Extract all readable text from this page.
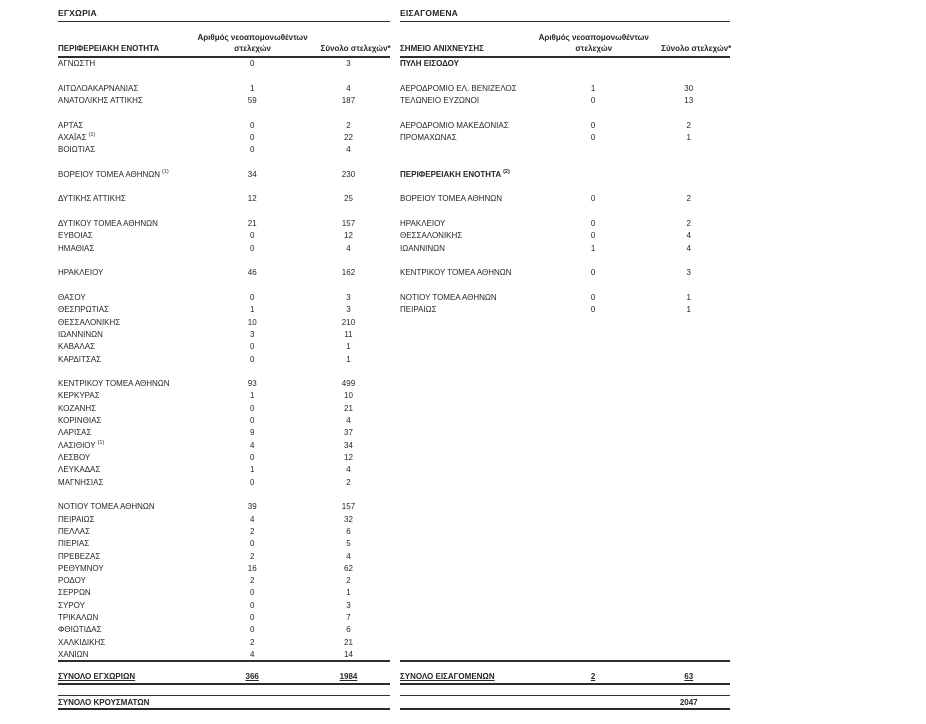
ΕΓΧΩΡΙΑ
ΠΕΡΙΦΕΡΕΙΑΚΗ ΕΝΟΤΗΤΑ
Αριθμός νεοαπομονωθέντων
στελεχών	Σύνολο στελεχών*
ΑΓΝΩΣΤΗ	0	3
ΑΙΤΩΛΟΑΚΑΡΝΑΝΙΑΣ	1	4
ΑΝΑΤΟΛΙΚΗΣ ΑΤΤΙΚΗΣ	59	187
ΑΡΤΑΣ	0	2
ΑΧΑΪΑΣ $^{(1)}$	0	22
ΒΟΙΩΤΙΑΣ	0	4
ΒΟΡΕΙΟΥ ΤΟΜΕΑ ΑΘΗΝΩΝ $^{(1)}$	34	230
ΔΥΤΙΚΗΣ ΑΤΤΙΚΗΣ	12	25
ΔΥΤΙΚΟΥ ΤΟΜΕΑ ΑΘΗΝΩΝ	21	157
ΕΥΒΟΙΑΣ	0	12
ΗΜΑΘΙΑΣ	0	4
ΗΡΑΚΛΕΙΟΥ	46	162
ΘΑΣΟΥ	0	3
ΘΕΣΠΡΩΤΙΑΣ	1	3
ΘΕΣΣΑΛΟΝΙΚΗΣ	10	210
ΙΩΑΝΝΙΝΩΝ	3	11
ΚΑΒΑΛΑΣ	0	1
ΚΑΡΔΙΤΣΑΣ	0	1
ΚΕΝΤΡΙΚΟΥ ΤΟΜΕΑ ΑΘΗΝΩΝ	93	499
ΚΕΡΚΥΡΑΣ	1	10
ΚΟΖΑΝΗΣ	0	21
ΚΟΡΙΝΘΙΑΣ	0	4
ΛΑΡΙΣΑΣ	9	37
ΛΑΣΙΘΙΟΥ $^{(1)}$	4	34
ΛΕΣΒΟΥ	0	12
ΛΕΥΚΑΔΑΣ	1	4
ΜΑΓΝΗΣΙΑΣ	0	2
ΝΟΤΙΟΥ ΤΟΜΕΑ ΑΘΗΝΩΝ	39	157
ΠΕΙΡΑΙΩΣ	4	32
ΠΕΛΛΑΣ	2	6
ΠΙΕΡΙΑΣ	0	5
ΠΡΕΒΕΖΑΣ	2	4
ΡΕΘΥΜΝΟΥ	16	62
ΡΟΔΟΥ	2	2
ΣΕΡΡΩΝ	0	1
ΣΥΡΟΥ	0	3
ΤΡΙΚΑΛΩΝ	0	7
ΦΘΙΩΤΙΔΑΣ	0	6
ΧΑΛΚΙΔΙΚΗΣ	2	21
ΧΑΝΙΩΝ	4	14
ΣΥΝΟΛΟ ΕΓΧΩΡΙΩΝ	366	1984
ΕΙΣΑΓΟΜΕΝΑ
ΣΗΜΕΙΟ ΑΝΙΧΝΕΥΣΗΣ
Αριθμός νεοαπομονωθέντων
στελεχών	Σύνολο στελεχών*
ΠΥΛΗ ΕΙΣΟΔΟΥ
ΑΕΡΟΔΡΟΜΙΟ ΕΛ. ΒΕΝΙΖΕΛΟΣ	1	30
ΤΕΛΩΝΕΙΟ ΕΥΖΩΝΟΙ	0	13
ΑΕΡΟΔΡΟΜΙΟ ΜΑΚΕΔΟΝΙΑΣ	0	2
ΠΡΟΜΑΧΩΝΑΣ	0	1
ΠΕΡΙΦΕΡΕΙΑΚΗ ΕΝΟΤΗΤΑ $^{(2)}$
ΒΟΡΕΙΟΥ ΤΟΜΕΑ ΑΘΗΝΩΝ	0	2
ΗΡΑΚΛΕΙΟΥ	0	2
ΘΕΣΣΑΛΟΝΙΚΗΣ	0	4
ΙΩΑΝΝΙΝΩΝ	1	4
ΚΕΝΤΡΙΚΟΥ ΤΟΜΕΑ ΑΘΗΝΩΝ	0	3
ΝΟΤΙΟΥ ΤΟΜΕΑ ΑΘΗΝΩΝ	0	1
ΠΕΙΡΑΙΩΣ	0	1
ΣΥΝΟΛΟ ΕΙΣΑΓΟΜΕΝΩΝ	2	63
ΣΥΝΟΛΟ ΚΡΟΥΣΜΑΤΩΝ	2047
